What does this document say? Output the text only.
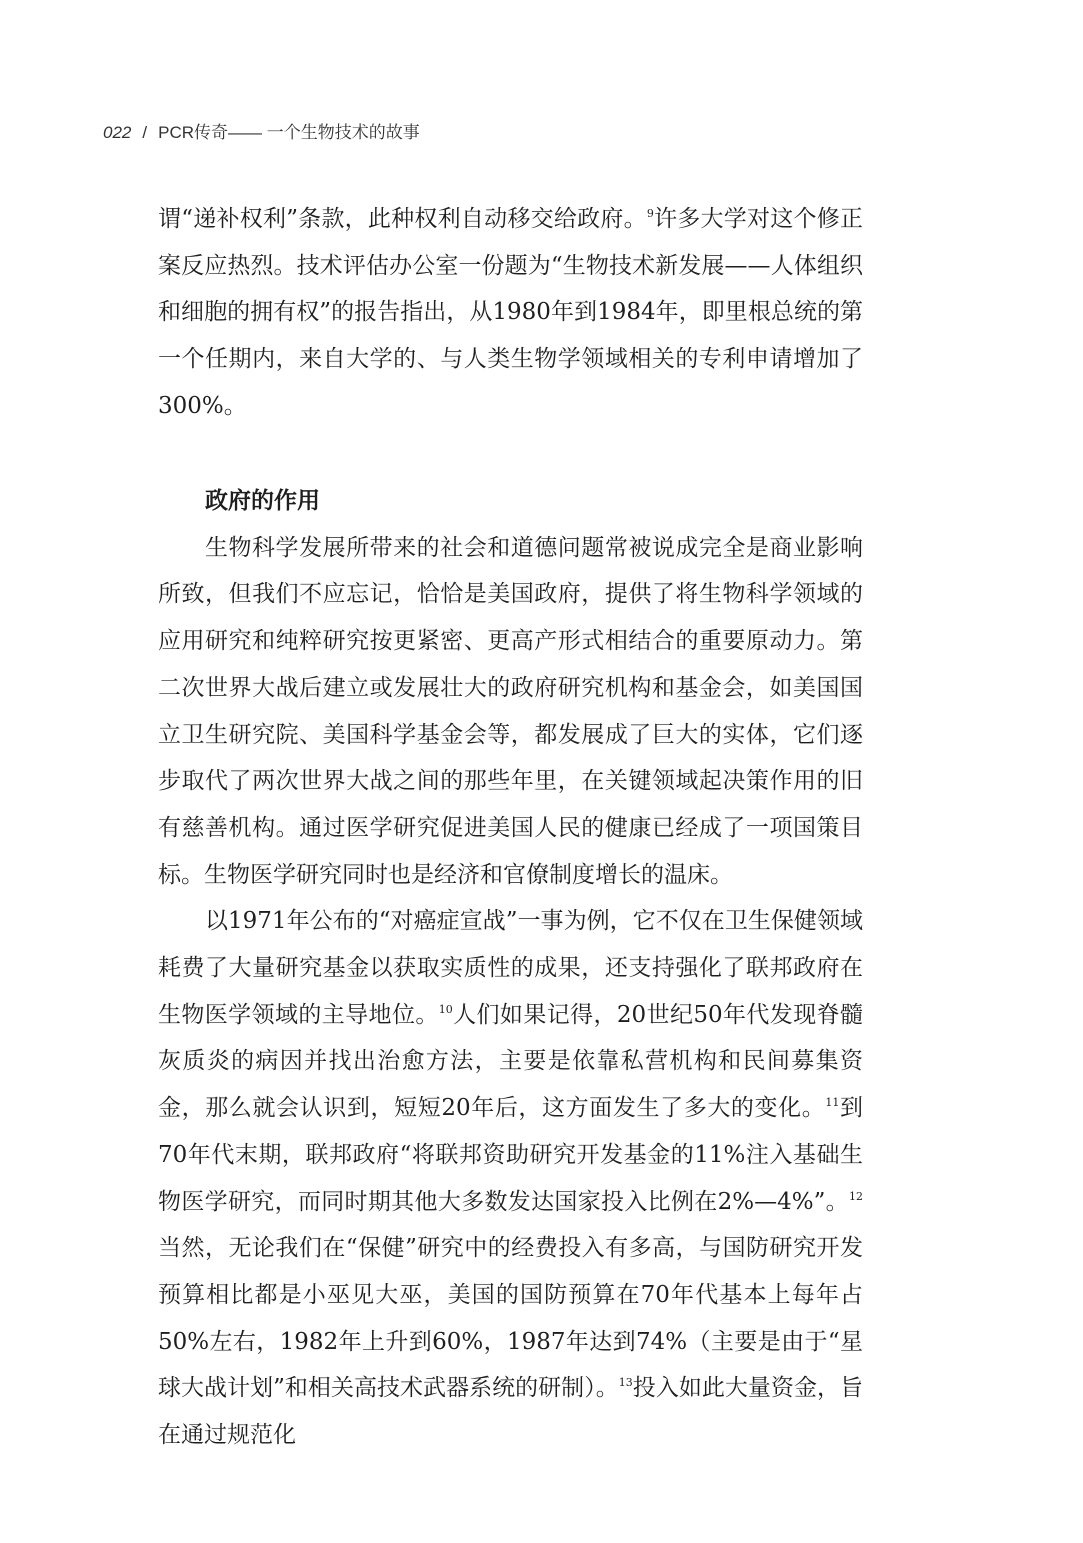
022 / PCR传奇—— 一个生物技术的故事

谓“递补权利”条款，此种权利自动移交给政府。$^9$许多大学对这个修正案反应热烈。技术评估办公室一份题为“生物技术新发展——人体组织和细胞的拥有权”的报告指出，从1980年到1984年，即里根总统的第一个任期内，来自大学的、与人类生物学领域相关的专利申请增加了300%。

政府的作用

生物科学发展所带来的社会和道德问题常被说成完全是商业影响所致，但我们不应忘记，恰恰是美国政府，提供了将生物科学领域的应用研究和纯粹研究按更紧密、更高产形式相结合的重要原动力。第二次世界大战后建立或发展壮大的政府研究机构和基金会，如美国国立卫生研究院、美国科学基金会等，都发展成了巨大的实体，它们逐步取代了两次世界大战之间的那些年里，在关键领域起决策作用的旧有慈善机构。通过医学研究促进美国人民的健康已经成了一项国策目标。生物医学研究同时也是经济和官僚制度增长的温床。

以1971年公布的“对癌症宣战”一事为例，它不仅在卫生保健领域耗费了大量研究基金以获取实质性的成果，还支持强化了联邦政府在生物医学领域的主导地位。$^{10}$人们如果记得，20世纪50年代发现脊髓灰质炎的病因并找出治愈方法，主要是依靠私营机构和民间募集资金，那么就会认识到，短短20年后，这方面发生了多大的变化。$^{11}$到70年代末期，联邦政府“将联邦资助研究开发基金的11%注入基础生物医学研究，而同时期其他大多数发达国家投入比例在2%—4%”。$^{12}$当然，无论我们在“保健”研究中的经费投入有多高，与国防研究开发预算相比都是小巫见大巫，美国的国防预算在70年代基本上每年占50%左右，1982年上升到60%，1987年达到74%（主要是由于“星球大战计划”和相关高技术武器系统的研制）。$^{13}$投入如此大量资金，旨在通过规范化
